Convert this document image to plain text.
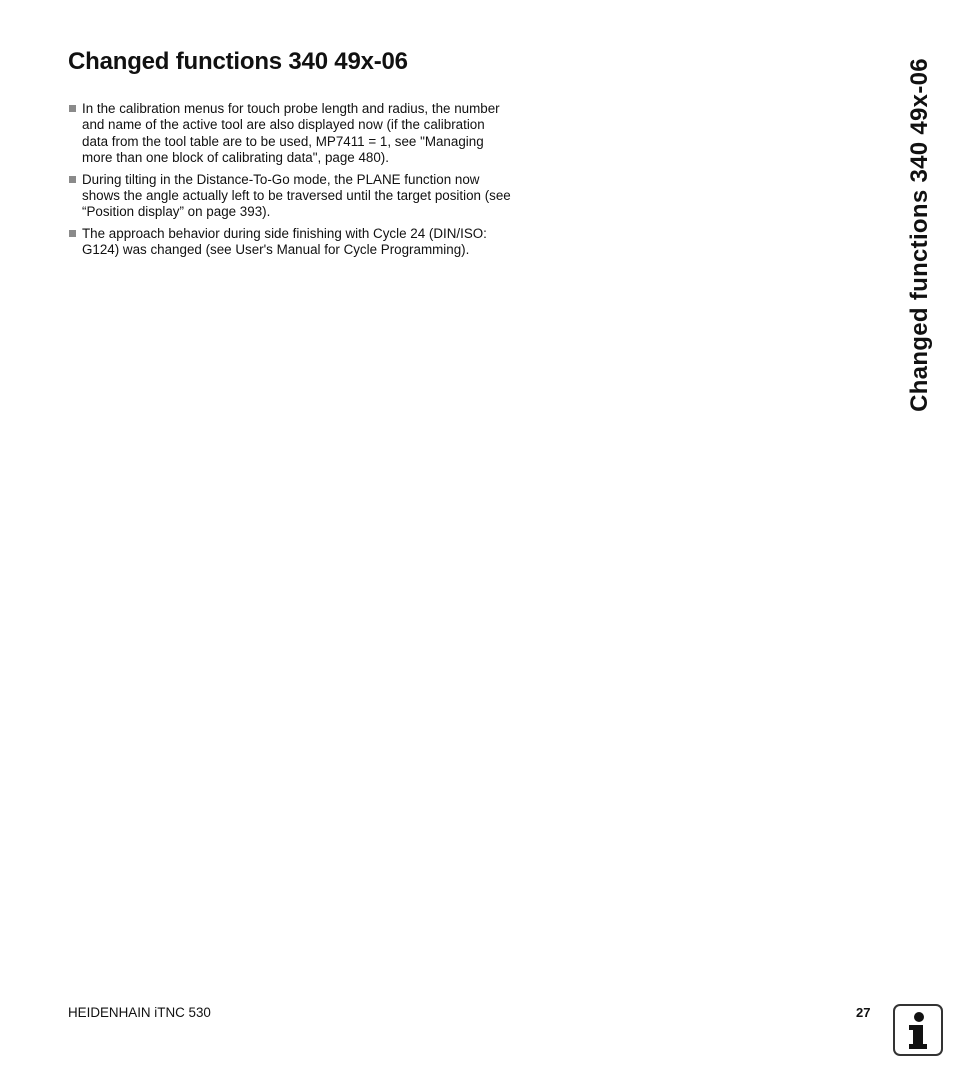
Changed functions 340 49x-06
In the calibration menus for touch probe length and radius, the number and name of the active tool are also displayed now (if the calibration data from the tool table are to be used, MP7411 = 1, see "Managing more than one block of calibrating data", page 480).
During tilting in the Distance-To-Go mode, the PLANE function now shows the angle actually left to be traversed until the target position (see “Position display” on page 393).
The approach behavior during side finishing with Cycle 24 (DIN/ISO: G124) was changed (see User's Manual for Cycle Programming).	Changed functions 340 49x-06
HEIDENHAIN iTNC 530	27
